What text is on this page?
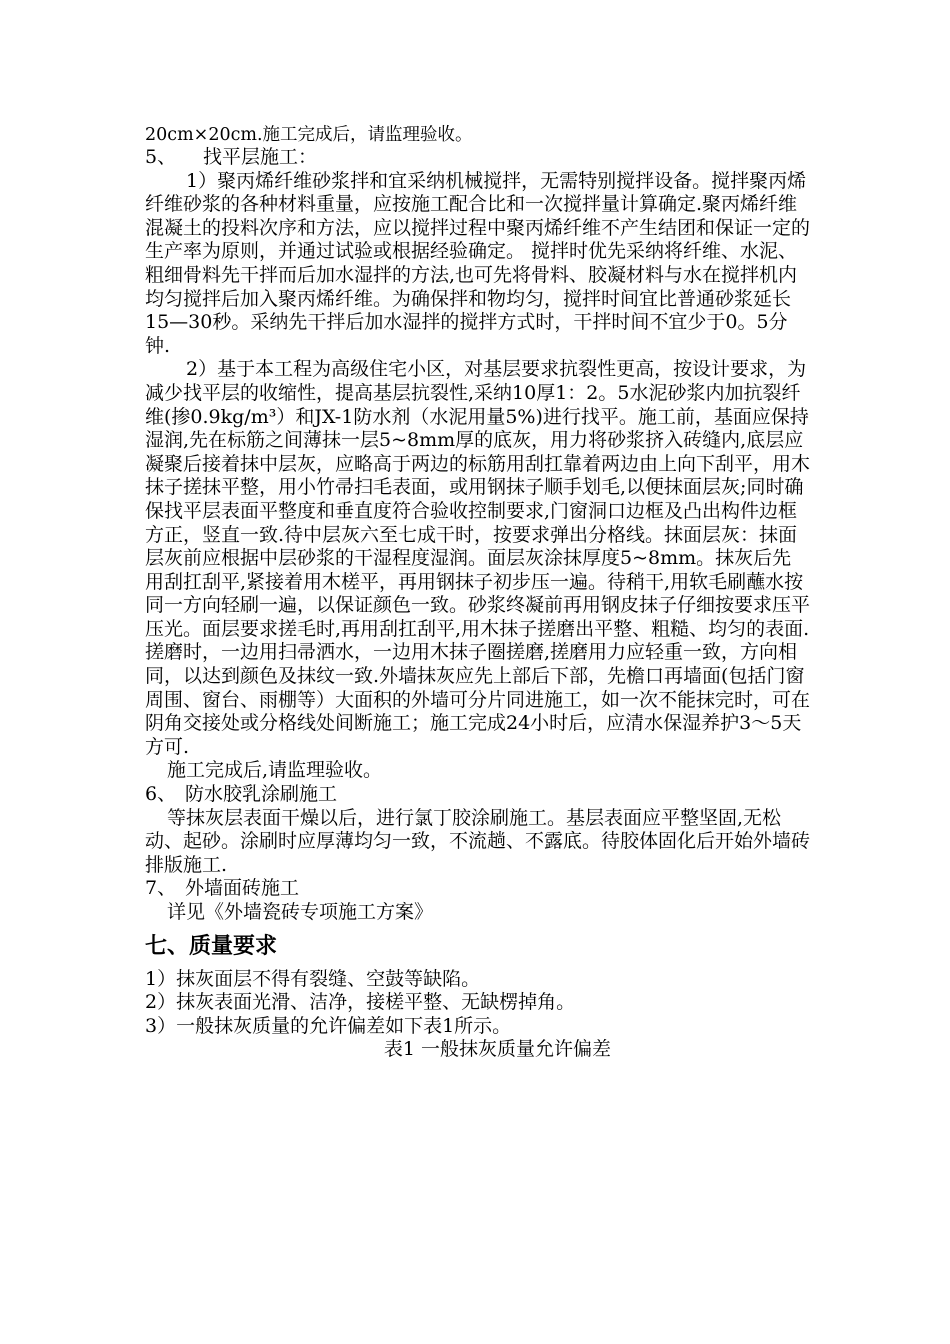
20cm×20cm.施工完成后，请监理验收。

5、	找平层施工：

1）聚丙烯纤维砂浆拌和宜采纳机械搅拌，无需特别搅拌设备。搅拌聚丙烯纤维砂浆的各种材料重量，应按施工配合比和一次搅拌量计算确定.聚丙烯纤维混凝土的投料次序和方法，应以搅拌过程中聚丙烯纤维不产生结团和保证一定的生产率为原则，并通过试验或根据经验确定。 搅拌时优先采纳将纤维、水泥、粗细骨料先干拌而后加水湿拌的方法,也可先将骨料、胶凝材料与水在搅拌机内均匀搅拌后加入聚丙烯纤维。为确保拌和物均匀，搅拌时间宜比普通砂浆延长15—30秒。采纳先干拌后加水湿拌的搅拌方式时，干拌时间不宜少于0。5分钟.

2）基于本工程为高级住宅小区，对基层要求抗裂性更高，按设计要求，为减少找平层的收缩性，提高基层抗裂性,采纳10厚1：2。5水泥砂浆内加抗裂纤维(掺0.9kg/m³）和JX-1防水剂（水泥用量5%)进行找平。施工前，基面应保持湿润,先在标筋之间薄抹一层5~8mm厚的底灰，用力将砂浆挤入砖缝内,底层应凝聚后接着抹中层灰，应略高于两边的标筋用刮扛靠着两边由上向下刮平，用木抹子搓抹平整，用小竹帚扫毛表面，或用钢抹子顺手划毛,以便抹面层灰;同时确保找平层表面平整度和垂直度符合验收控制要求,门窗洞口边框及凸出构件边框方正，竖直一致.待中层灰六至七成干时，按要求弹出分格线。抹面层灰：抹面层灰前应根据中层砂浆的干湿程度湿润。面层灰涂抹厚度5~8mm。抹灰后先用刮扛刮平,紧接着用木槎平，再用钢抹子初步压一遍。待稍干,用软毛刷蘸水按同一方向轻刷一遍，以保证颜色一致。砂浆终凝前再用钢皮抹子仔细按要求压平压光。面层要求搓毛时,再用刮扛刮平,用木抹子搓磨出平整、粗糙、均匀的表面.搓磨时，一边用扫帚洒水，一边用木抹子圈搓磨,搓磨用力应轻重一致，方向相同，以达到颜色及抹纹一致.外墙抹灰应先上部后下部，先檐口再墙面(包括门窗周围、窗台、雨棚等）大面积的外墙可分片同进施工，如一次不能抹完时，可在阴角交接处或分格线处间断施工；施工完成24小时后，应清水保湿养护3～5天方可.

施工完成后,请监理验收。

6、 防水胶乳涂刷施工

等抹灰层表面干燥以后，进行氯丁胶涂刷施工。基层表面应平整坚固,无松动、起砂。涂刷时应厚薄均匀一致，不流趟、不露底。待胶体固化后开始外墙砖排版施工.

7、 外墙面砖施工

详见《外墙瓷砖专项施工方案》

七、质量要求

1）抹灰面层不得有裂缝、空鼓等缺陷。

2）抹灰表面光滑、洁净，接槎平整、无缺楞掉角。

3）一般抹灰质量的允许偏差如下表1所示。

表1 一般抹灰质量允许偏差
